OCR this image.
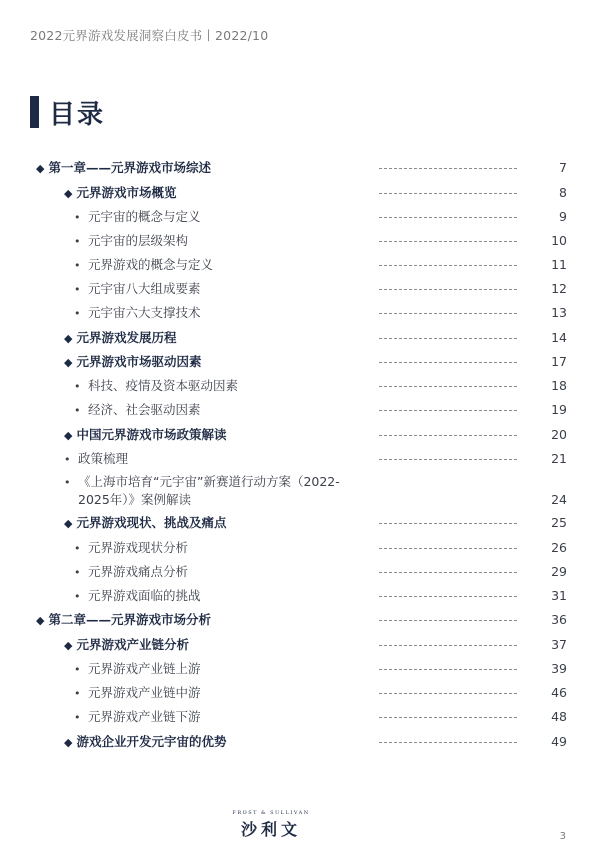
2022元界游戏发展洞察白皮书丨2022/10
目录
◆ 第一章——元界游戏市场综述	7
◆ 元界游戏市场概览	8
• 元宇宙的概念与定义	9
• 元宇宙的层级架构	10
• 元界游戏的概念与定义	11
• 元宇宙八大组成要素	12
• 元宇宙六大支撑技术	13
◆ 元界游戏发展历程	14
◆ 元界游戏市场驱动因素	17
• 科技、疫情及资本驱动因素	18
• 经济、社会驱动因素	19
◆ 中国元界游戏市场政策解读	20
• 政策梳理	21
• 《上海市培育“元宇宙”新赛道行动方案（2022-
2025年）》案例解读	24
◆ 元界游戏现状、挑战及痛点	25
• 元界游戏现状分析	26
• 元界游戏痛点分析	29
• 元界游戏面临的挑战	31
◆ 第二章——元界游戏市场分析	36
◆ 元界游戏产业链分析	37
• 元界游戏产业链上游	39
• 元界游戏产业链中游	46
• 元界游戏产业链下游	48
◆ 游戏企业开发元宇宙的优势	49
FROST & SULLIVAN
沙利文	3
